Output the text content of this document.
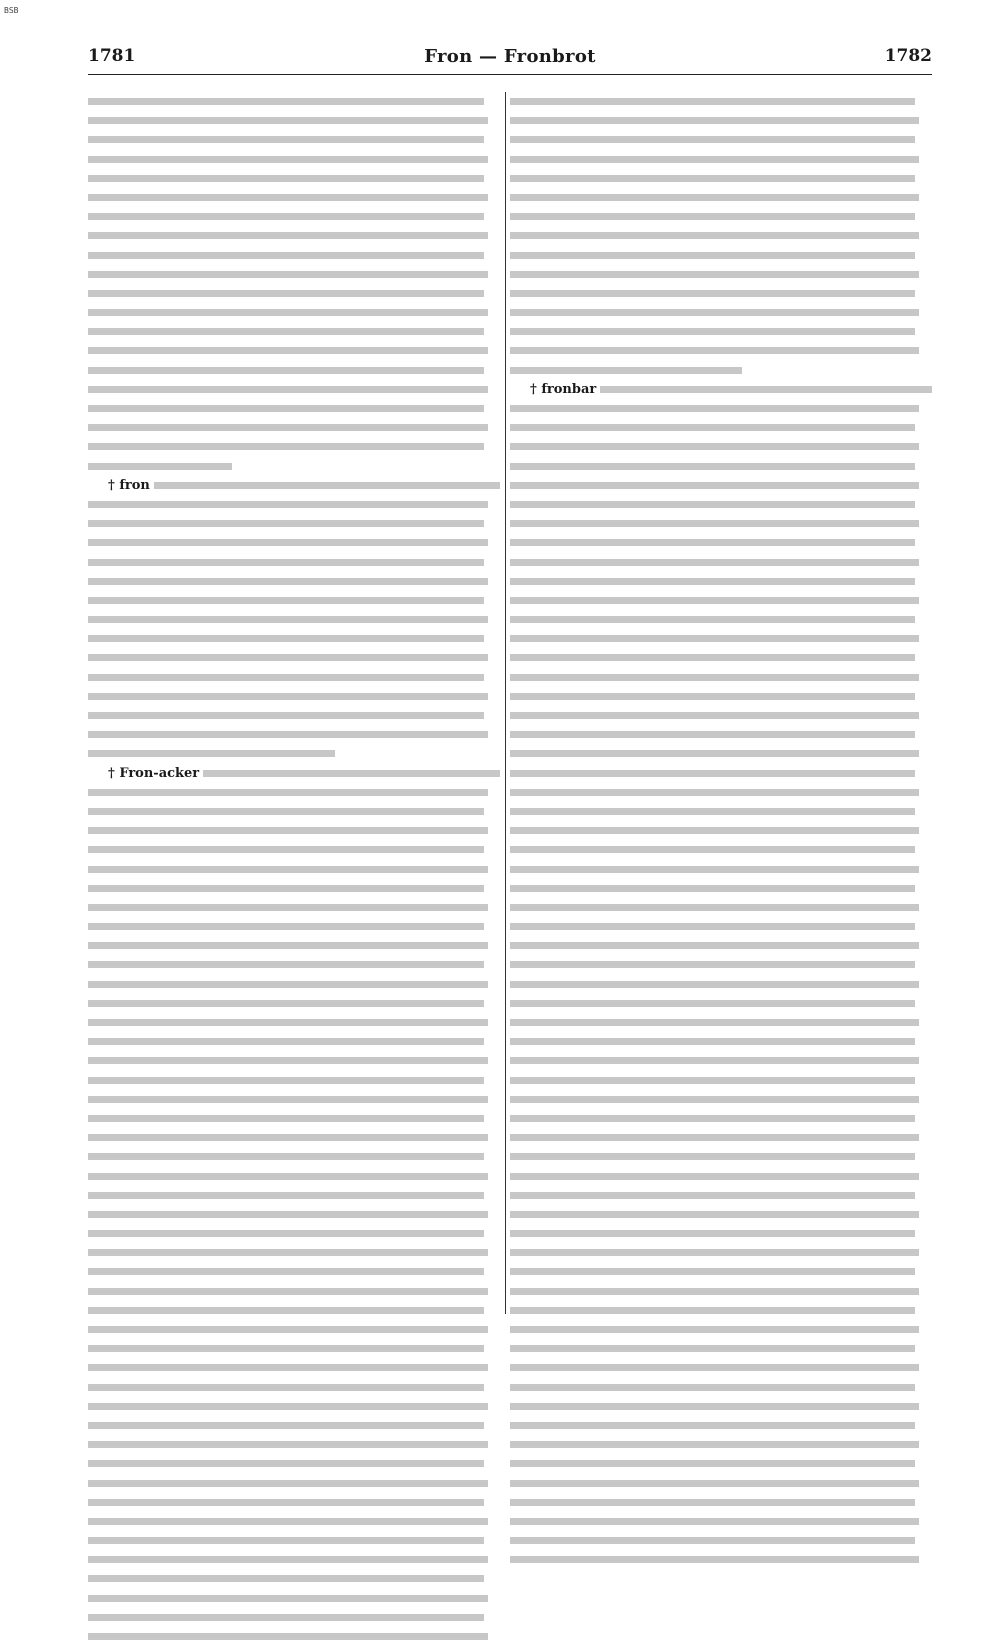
BSB
1781	Fron — Fronbrot	1782
† fron
† Fron-acker
† fronbar
